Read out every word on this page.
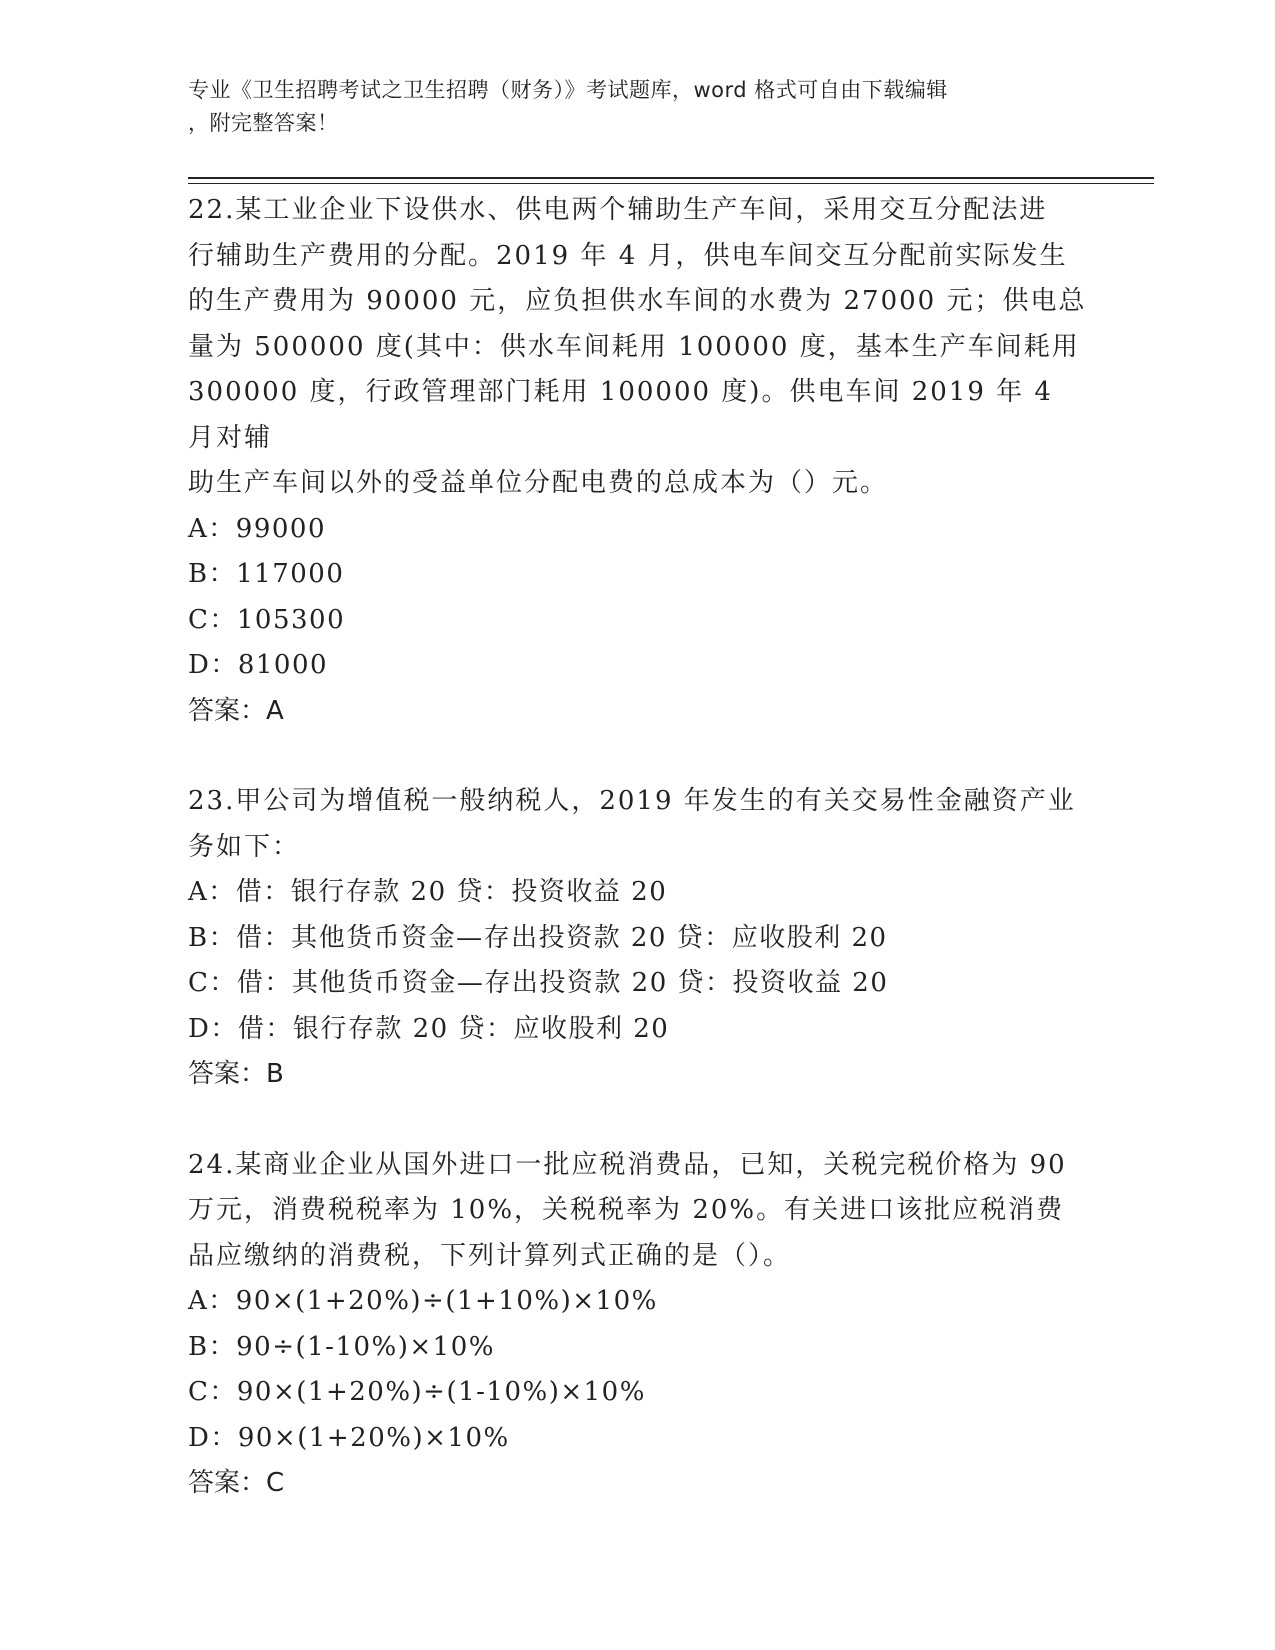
专业《卫生招聘考试之卫生招聘（财务）》考试题库，word 格式可自由下载编辑
，附完整答案！

22.某工业企业下设供水、供电两个辅助生产车间，采用交互分配法进

行辅助生产费用的分配。2019 年 4 月，供电车间交互分配前实际发生

的生产费用为 90000 元，应负担供水车间的水费为 27000 元；供电总

量为 500000 度(其中：供水车间耗用 100000 度，基本生产车间耗用

300000 度，行政管理部门耗用 100000 度)。供电车间 2019 年 4 月对辅

助生产车间以外的受益单位分配电费的总成本为（）元。

A：99000

B：117000

C：105300

D：81000

答案：A

23.甲公司为增值税一般纳税人，2019 年发生的有关交易性金融资产业

务如下：

A：借：银行存款 20 贷：投资收益 20

B：借：其他货币资金—存出投资款 20 贷：应收股利 20

C：借：其他货币资金—存出投资款 20 贷：投资收益 20

D：借：银行存款 20 贷：应收股利 20

答案：B

24.某商业企业从国外进口一批应税消费品，已知，关税完税价格为 90

万元，消费税税率为 10%，关税税率为 20%。有关进口该批应税消费

品应缴纳的消费税，下列计算列式正确的是（）。

A：90×(1+20%)÷(1+10%)×10%

B：90÷(1-10%)×10%

C：90×(1+20%)÷(1-10%)×10%

D：90×(1+20%)×10%

答案：C
